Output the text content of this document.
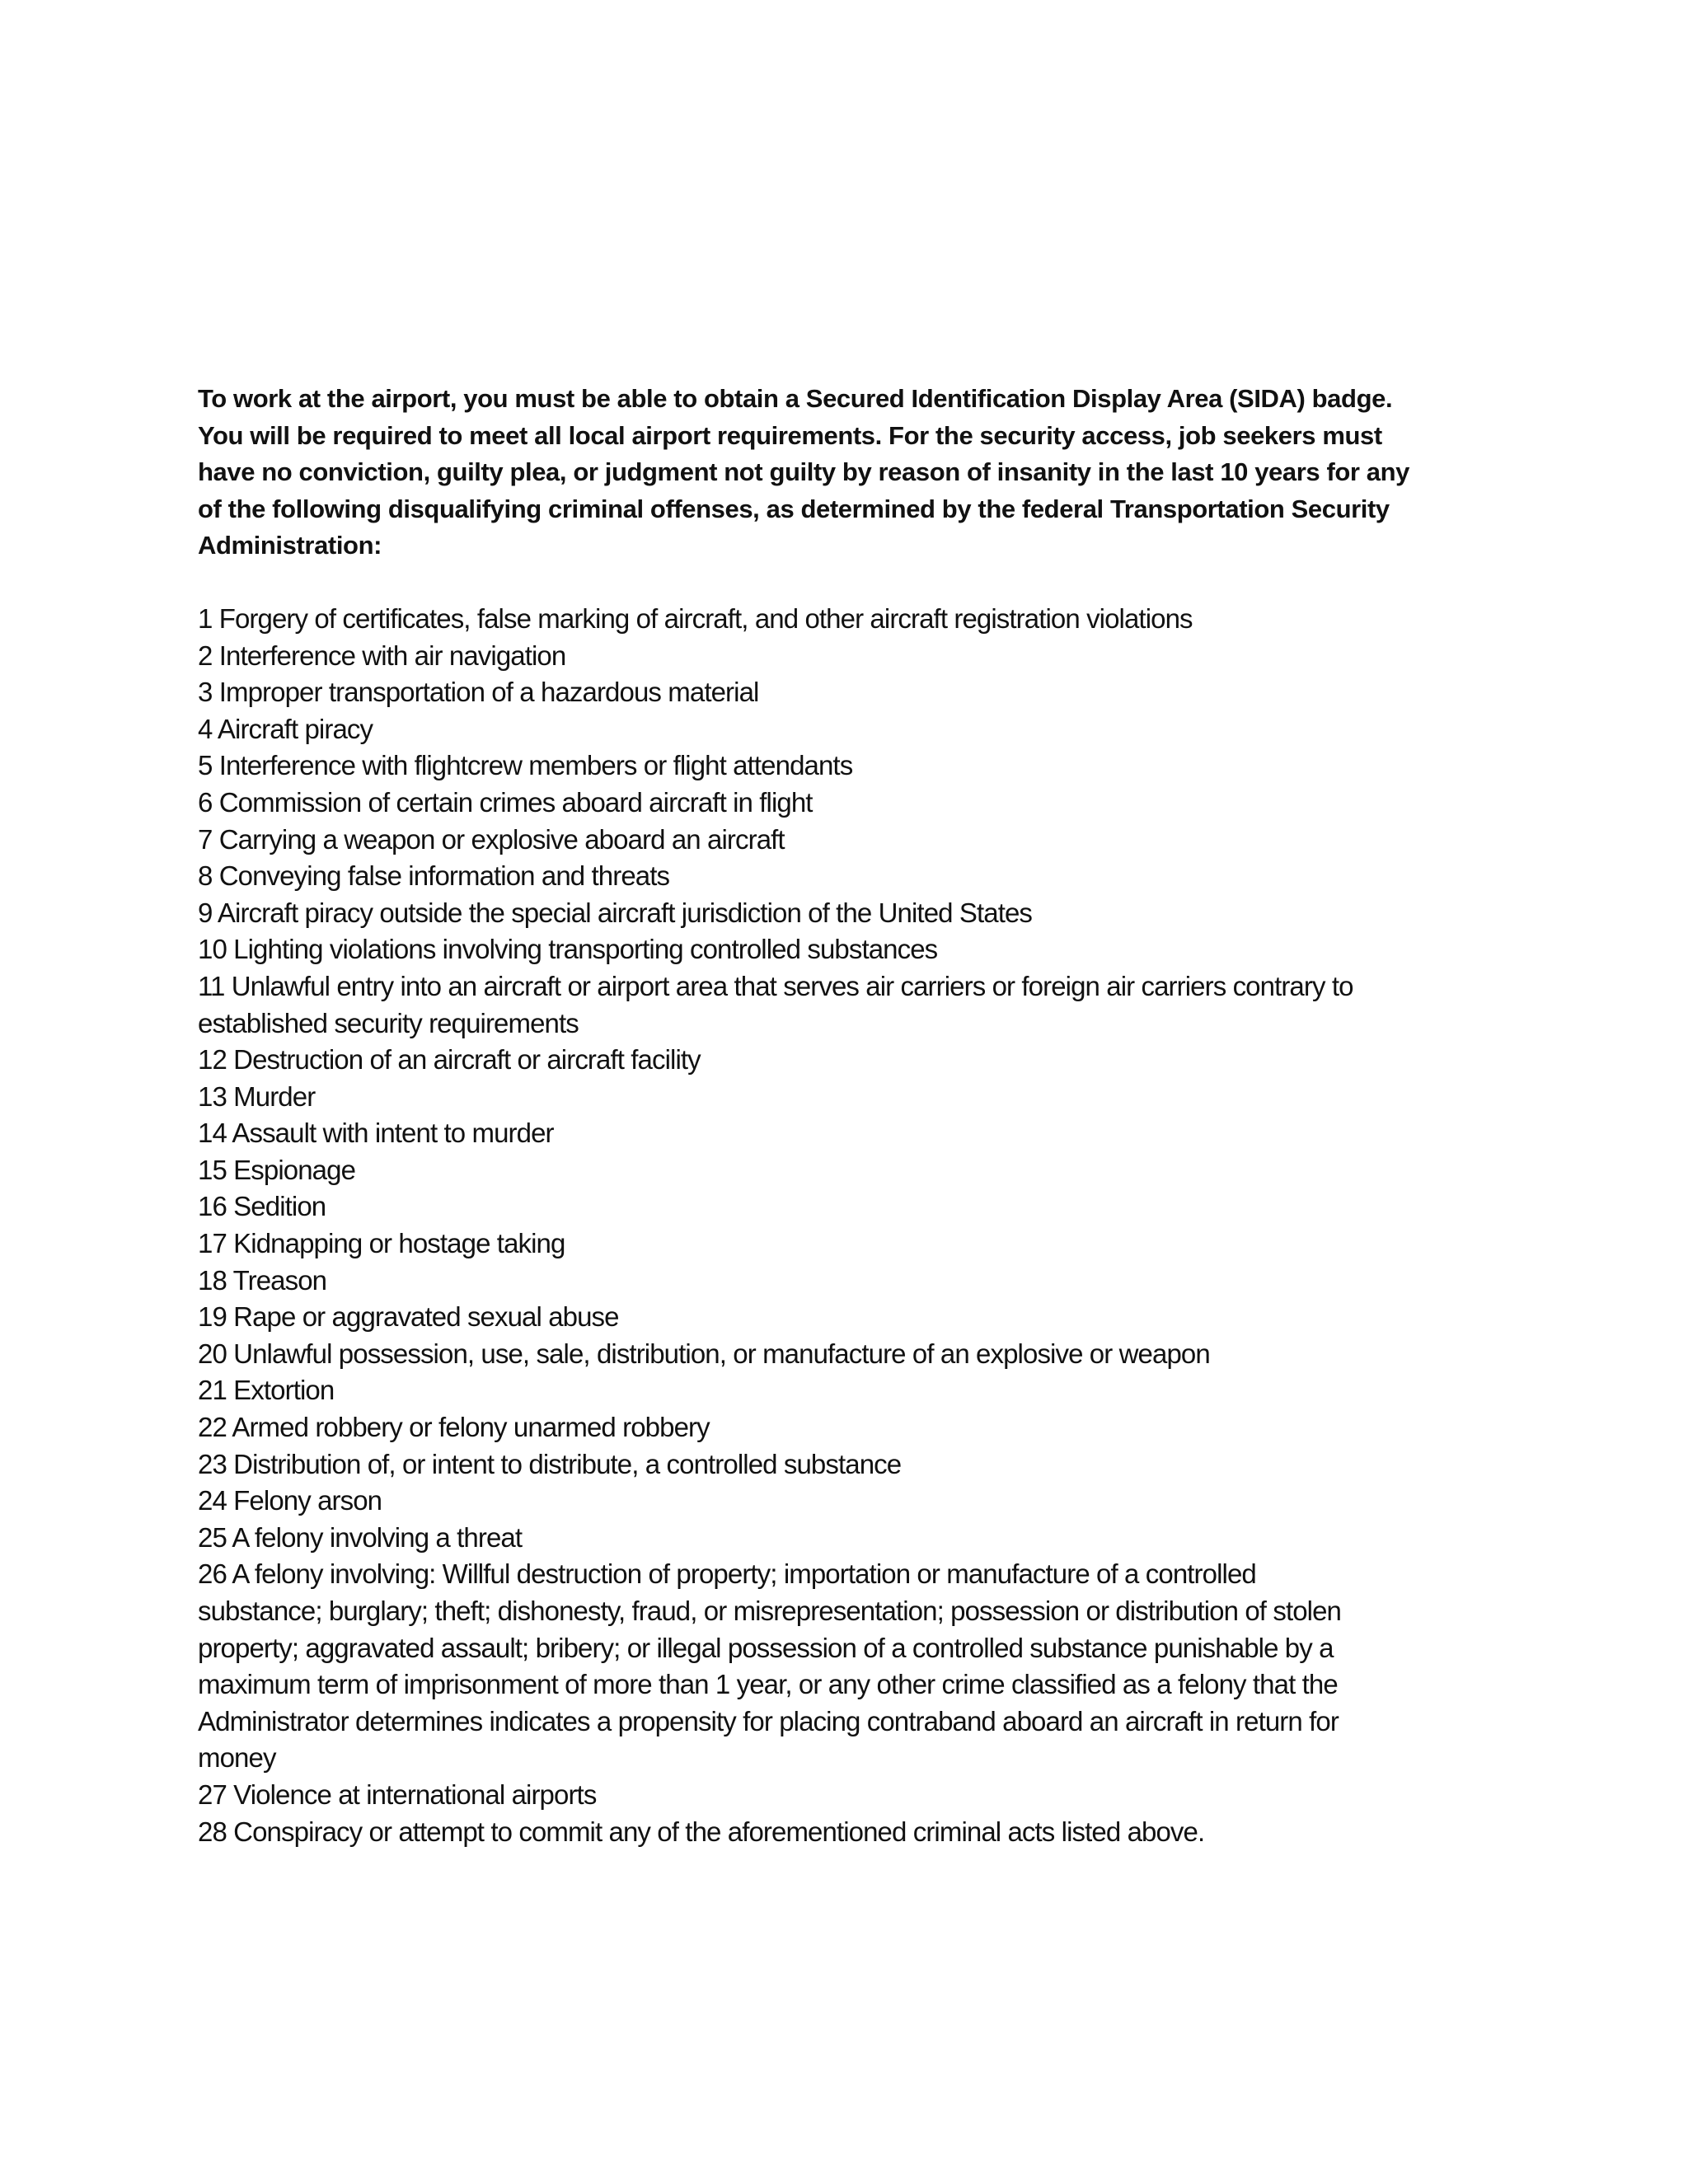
To work at the airport, you must be able to obtain a Secured Identification Display Area (SIDA) badge.
You will be required to meet all local airport requirements. For the security access, job seekers must
have no conviction, guilty plea, or judgment not guilty by reason of insanity in the last 10 years for any
of the following disqualifying criminal offenses, as determined by the federal Transportation Security
Administration:

1 Forgery of certificates, false marking of aircraft, and other aircraft registration violations
2 Interference with air navigation
3 Improper transportation of a hazardous material
4 Aircraft piracy
5 Interference with flightcrew members or flight attendants
6 Commission of certain crimes aboard aircraft in flight
7 Carrying a weapon or explosive aboard an aircraft
8 Conveying false information and threats
9 Aircraft piracy outside the special aircraft jurisdiction of the United States
10 Lighting violations involving transporting controlled substances
11 Unlawful entry into an aircraft or airport area that serves air carriers or foreign air carriers contrary to
established security requirements
12 Destruction of an aircraft or aircraft facility
13 Murder
14 Assault with intent to murder
15 Espionage
16 Sedition
17 Kidnapping or hostage taking
18 Treason
19 Rape or aggravated sexual abuse
20 Unlawful possession, use, sale, distribution, or manufacture of an explosive or weapon
21 Extortion
22 Armed robbery or felony unarmed robbery
23 Distribution of, or intent to distribute, a controlled substance
24 Felony arson
25 A felony involving a threat
26 A felony involving: Willful destruction of property; importation or manufacture of a controlled
substance; burglary; theft; dishonesty, fraud, or misrepresentation; possession or distribution of stolen
property; aggravated assault; bribery; or illegal possession of a controlled substance punishable by a
maximum term of imprisonment of more than 1 year, or any other crime classified as a felony that the
Administrator determines indicates a propensity for placing contraband aboard an aircraft in return for
money
27 Violence at international airports
28 Conspiracy or attempt to commit any of the aforementioned criminal acts listed above.
